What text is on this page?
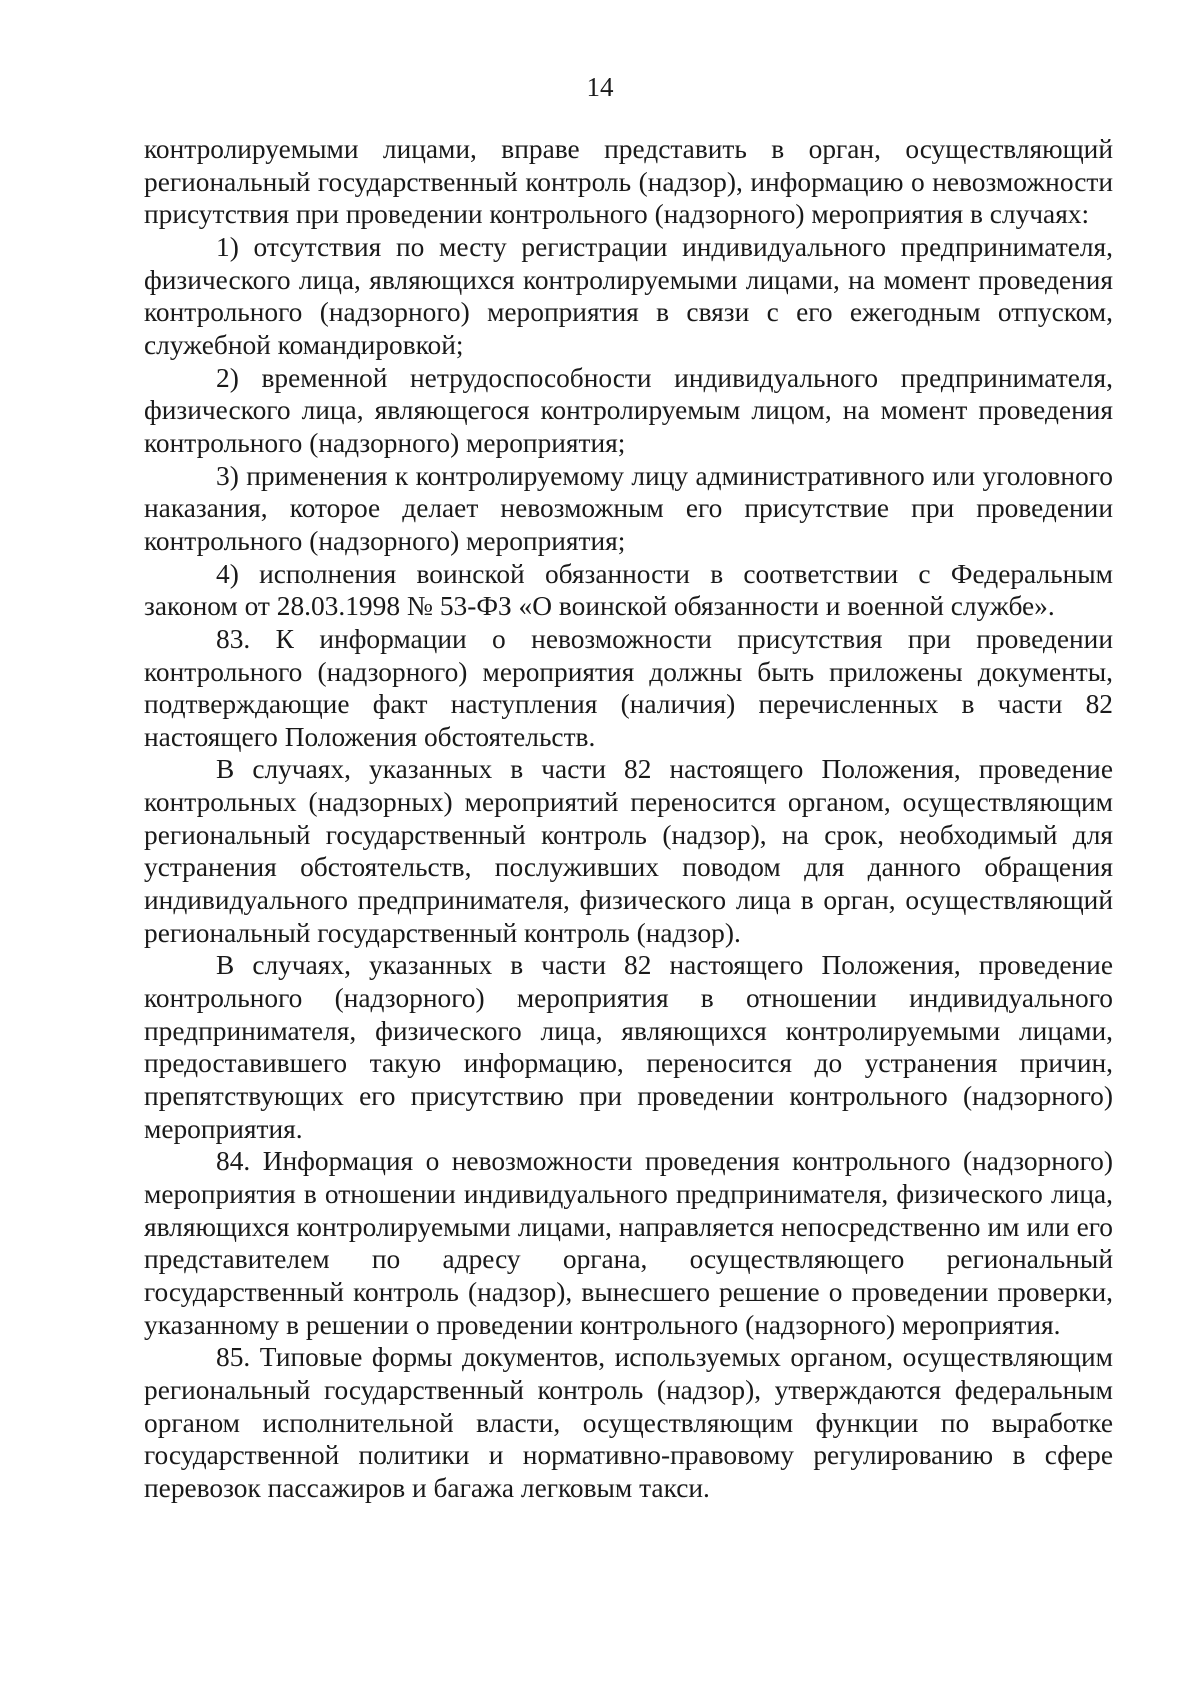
14

контролируемыми лицами, вправе представить в орган, осуществляющий региональный государственный контроль (надзор), информацию о невозможности присутствия при проведении контрольного (надзорного) мероприятия в случаях:

1) отсутствия по месту регистрации индивидуального предпринимателя, физического лица, являющихся контролируемыми лицами, на момент проведения контрольного (надзорного) мероприятия в связи с его ежегодным отпуском, служебной командировкой;

2) временной нетрудоспособности индивидуального предпринимателя, физического лица, являющегося контролируемым лицом, на момент проведения контрольного (надзорного) мероприятия;

3) применения к контролируемому лицу административного или уголовного наказания, которое делает невозможным его присутствие при проведении контрольного (надзорного) мероприятия;

4) исполнения воинской обязанности в соответствии с Федеральным законом от 28.03.1998 № 53-ФЗ «О воинской обязанности и военной службе».

83. К информации о невозможности присутствия при проведении контрольного (надзорного) мероприятия должны быть приложены документы, подтверждающие факт наступления (наличия) перечисленных в части 82 настоящего Положения обстоятельств.

В случаях, указанных в части 82 настоящего Положения, проведение контрольных (надзорных) мероприятий переносится органом, осуществляющим региональный государственный контроль (надзор), на срок, необходимый для устранения обстоятельств, послуживших поводом для данного обращения индивидуального предпринимателя, физического лица в орган, осуществляющий региональный государственный контроль (надзор).

В случаях, указанных в части 82 настоящего Положения, проведение контрольного (надзорного) мероприятия в отношении индивидуального предпринимателя, физического лица, являющихся контролируемыми лицами, предоставившего такую информацию, переносится до устранения причин, препятствующих его присутствию при проведении контрольного (надзорного) мероприятия.

84. Информация о невозможности проведения контрольного (надзорного) мероприятия в отношении индивидуального предпринимателя, физического лица, являющихся контролируемыми лицами, направляется непосредственно им или его представителем по адресу органа, осуществляющего региональный государственный контроль (надзор), вынесшего решение о проведении проверки, указанному в решении о проведении контрольного (надзорного) мероприятия.

85. Типовые формы документов, используемых органом, осуществляющим региональный государственный контроль (надзор), утверждаются федеральным органом исполнительной власти, осуществляющим функции по выработке государственной политики и нормативно-правовому регулированию в сфере перевозок пассажиров и багажа легковым такси.
